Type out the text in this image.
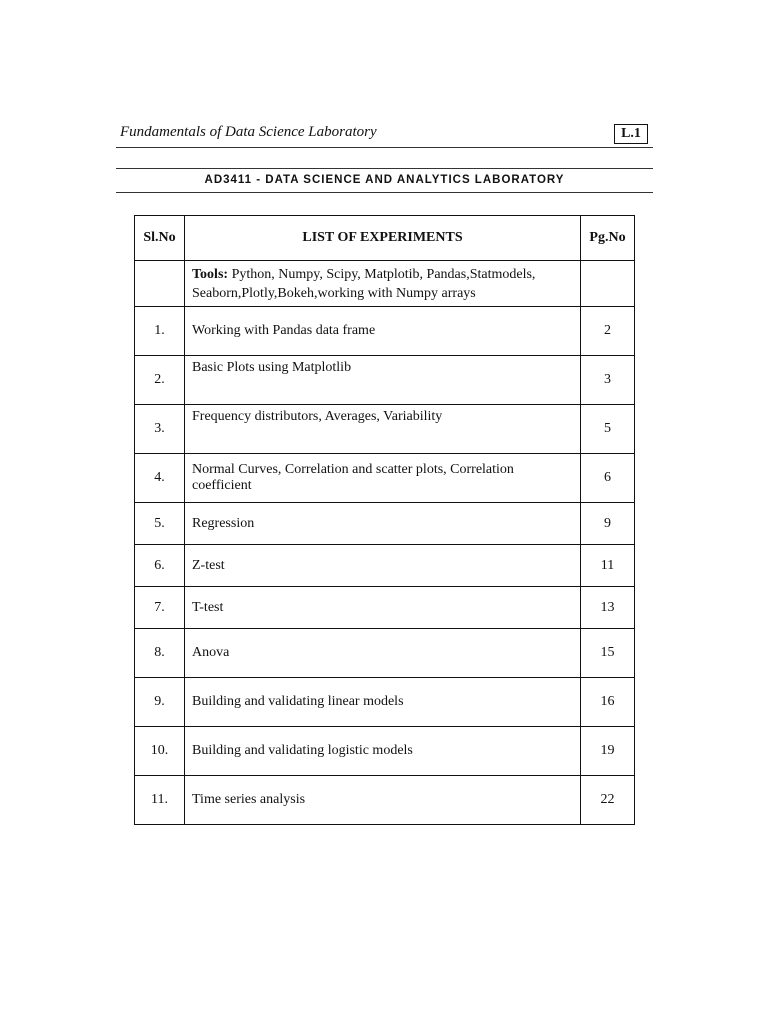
Fundamentals of Data Science Laboratory	L.1
AD3411 - DATA SCIENCE AND ANALYTICS LABORATORY
Sl.No	LIST OF EXPERIMENTS	Pg.No
	Tools: Python, Numpy, Scipy, Matplotib, Pandas,Statmodels, Seaborn,Plotly,Bokeh,working with Numpy arrays	
1.	Working with Pandas data frame	2
2.	Basic Plots using Matplotlib	3
3.	Frequency distributors, Averages, Variability	5
4.	Normal Curves, Correlation and scatter plots, Correlation coefficient	6
5.	Regression	9
6.	Z-test	11
7.	T-test	13
8.	Anova	15
9.	Building and validating linear models	16
10.	Building and validating logistic models	19
11.	Time series analysis	22
